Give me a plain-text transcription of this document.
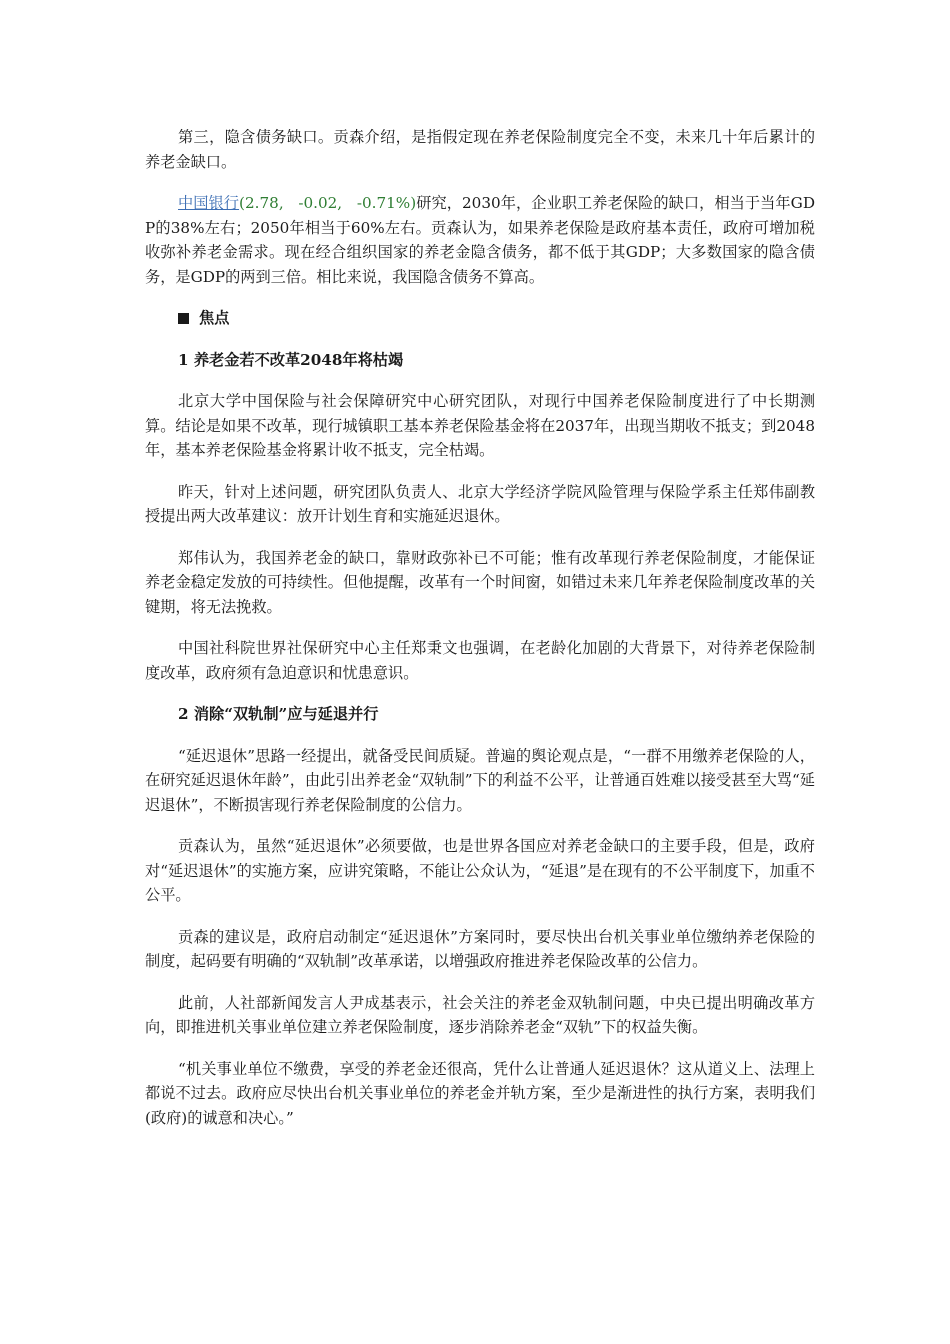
第三，隐含债务缺口。贡森介绍，是指假定现在养老保险制度完全不变，未来几十年后累计的养老金缺口。

中国银行(2.78,   -0.02,   -0.71%)研究，2030年，企业职工养老保险的缺口，相当于当年GDP的38%左右；2050年相当于60%左右。贡森认为，如果养老保险是政府基本责任，政府可增加税收弥补养老金需求。现在经合组织国家的养老金隐含债务，都不低于其GDP；大多数国家的隐含债务，是GDP的两到三倍。相比来说，我国隐含债务不算高。

焦点
1 养老金若不改革2048年将枯竭

北京大学中国保险与社会保障研究中心研究团队，对现行中国养老保险制度进行了中长期测算。结论是如果不改革，现行城镇职工基本养老保险基金将在2037年，出现当期收不抵支；到2048年，基本养老保险基金将累计收不抵支，完全枯竭。

昨天，针对上述问题，研究团队负责人、北京大学经济学院风险管理与保险学系主任郑伟副教授提出两大改革建议：放开计划生育和实施延迟退休。

郑伟认为，我国养老金的缺口，靠财政弥补已不可能；惟有改革现行养老保险制度，才能保证养老金稳定发放的可持续性。但他提醒，改革有一个时间窗，如错过未来几年养老保险制度改革的关键期，将无法挽救。

中国社科院世界社保研究中心主任郑秉文也强调，在老龄化加剧的大背景下，对待养老保险制度改革，政府须有急迫意识和忧患意识。

2 消除“双轨制”应与延退并行

“延迟退休”思路一经提出，就备受民间质疑。普遍的舆论观点是，“一群不用缴养老保险的人，在研究延迟退休年龄”，由此引出养老金“双轨制”下的利益不公平，让普通百姓难以接受甚至大骂“延迟退休”，不断损害现行养老保险制度的公信力。

贡森认为，虽然“延迟退休”必须要做，也是世界各国应对养老金缺口的主要手段，但是，政府对“延迟退休”的实施方案，应讲究策略，不能让公众认为，“延退”是在现有的不公平制度下，加重不公平。

贡森的建议是，政府启动制定“延迟退休”方案同时，要尽快出台机关事业单位缴纳养老保险的制度，起码要有明确的“双轨制”改革承诺，以增强政府推进养老保险改革的公信力。

此前，人社部新闻发言人尹成基表示，社会关注的养老金双轨制问题，中央已提出明确改革方向，即推进机关事业单位建立养老保险制度，逐步消除养老金“双轨”下的权益失衡。

“机关事业单位不缴费，享受的养老金还很高，凭什么让普通人延迟退休？这从道义上、法理上都说不过去。政府应尽快出台机关事业单位的养老金并轨方案，至少是渐进性的执行方案，表明我们(政府)的诚意和决心。”
